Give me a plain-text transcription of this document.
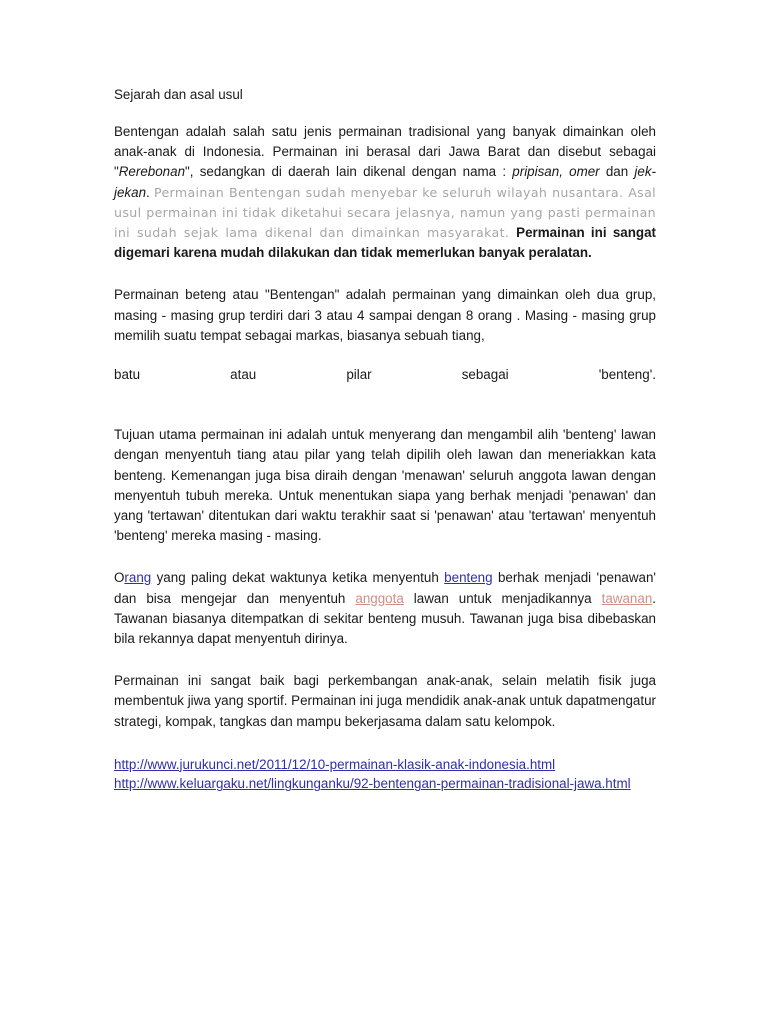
Sejarah dan asal usul

Bentengan adalah salah satu jenis permainan tradisional yang banyak dimainkan oleh anak-anak di Indonesia. Permainan ini berasal dari Jawa Barat dan disebut sebagai "Rerebonan", sedangkan di daerah lain dikenal dengan nama : pripisan, omer dan jek-jekan. Permainan Bentengan sudah menyebar ke seluruh wilayah nusantara. Asal usul permainan ini tidak diketahui secara jelasnya, namun yang pasti permainan ini sudah sejak lama dikenal dan dimainkan masyarakat. Permainan ini sangat digemari karena mudah dilakukan dan tidak memerlukan banyak peralatan.

Permainan beteng atau "Bentengan" adalah permainan yang dimainkan oleh dua grup, masing - masing grup terdiri dari 3 atau 4 sampai dengan 8 orang . Masing - masing grup memilih suatu tempat sebagai markas, biasanya sebuah tiang,
batu	atau	pilar	sebagai	'benteng'.

Tujuan utama permainan ini adalah untuk menyerang dan mengambil alih 'benteng' lawan dengan menyentuh tiang atau pilar yang telah dipilih oleh lawan dan meneriakkan kata benteng. Kemenangan juga bisa diraih dengan 'menawan' seluruh anggota lawan dengan menyentuh tubuh mereka. Untuk menentukan siapa yang berhak menjadi 'penawan' dan yang 'tertawan' ditentukan dari waktu terakhir saat si 'penawan' atau 'tertawan' menyentuh 'benteng' mereka masing - masing.

Orang yang paling dekat waktunya ketika menyentuh benteng berhak menjadi 'penawan' dan bisa mengejar dan menyentuh anggota lawan untuk menjadikannya tawanan. Tawanan biasanya ditempatkan di sekitar benteng musuh. Tawanan juga bisa dibebaskan bila rekannya dapat menyentuh dirinya.

Permainan ini sangat baik bagi perkembangan anak-anak, selain melatih fisik juga membentuk jiwa yang sportif. Permainan ini juga mendidik anak-anak untuk dapatmengatur strategi, kompak, tangkas dan mampu bekerjasama dalam satu kelompok.

http://www.jurukunci.net/2011/12/10-permainan-klasik-anak-indonesia.html
http://www.keluargaku.net/lingkunganku/92-bentengan-permainan-tradisional-jawa.html
